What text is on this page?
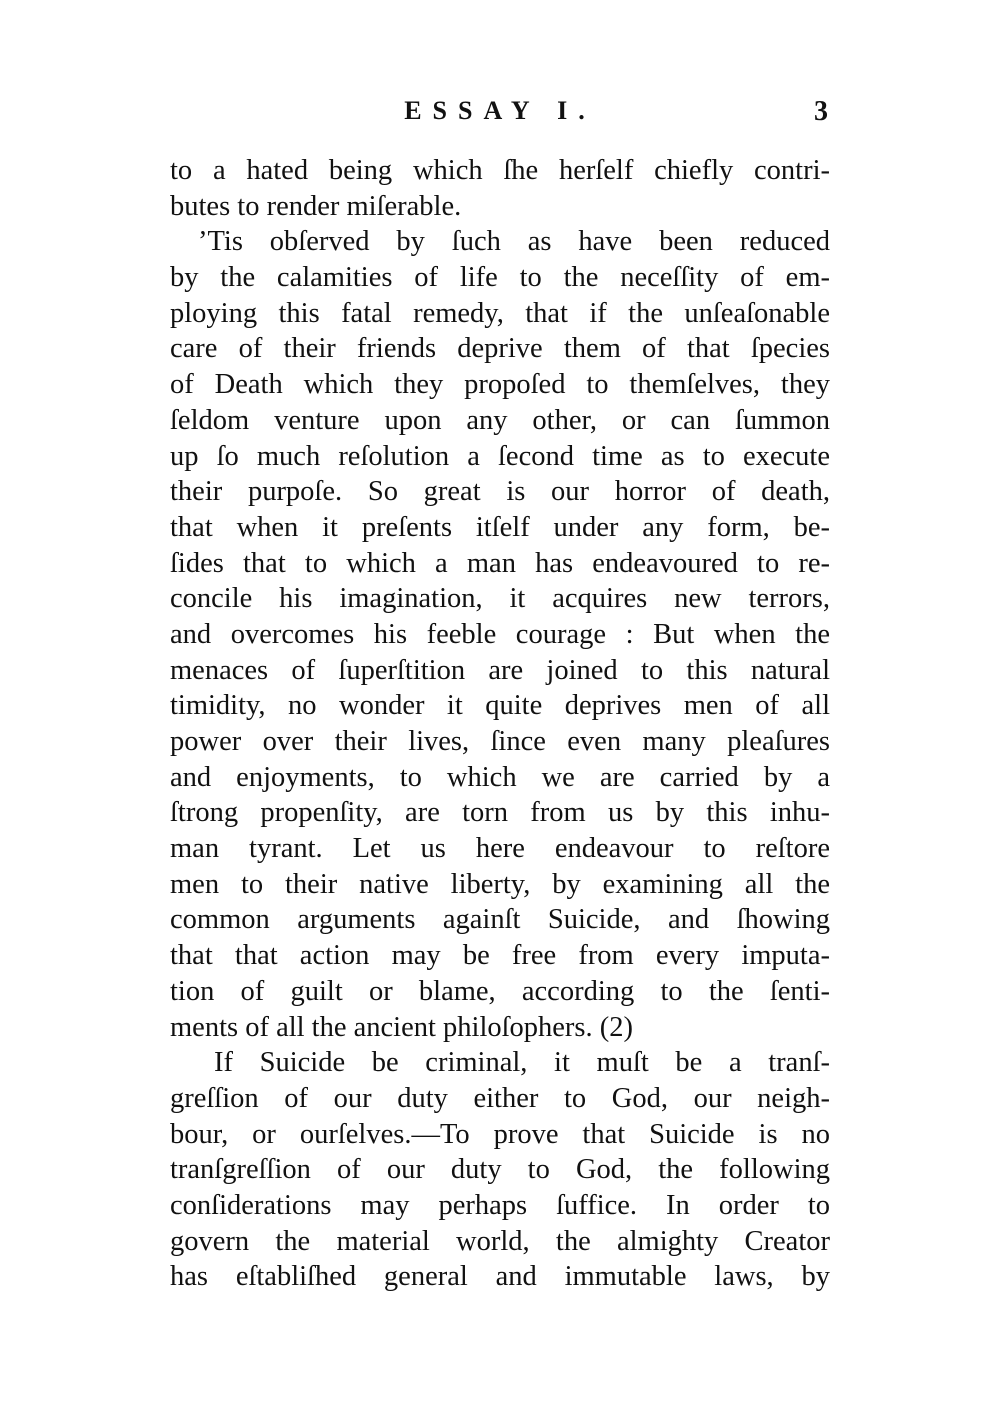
ESSAY I.	3
to a hated being which ſhe herſelf chiefly contri-
butes to render miſerable.
’Tis obſerved by ſuch as have been reduced
by the calamities of life to the neceſſity of em-
ploying this fatal remedy, that if the unſeaſonable
care of their friends deprive them of that ſpecies
of Death which they propoſed to themſelves, they
ſeldom venture upon any other, or can ſummon
up ſo much reſolution a ſecond time as to execute
their purpoſe. So great is our horror of death,
that when it preſents itſelf under any form, be-
ſides that to which a man has endeavoured to re-
concile his imagination, it acquires new terrors,
and overcomes his feeble courage : But when the
menaces of ſuperſtition are joined to this natural
timidity, no wonder it quite deprives men of all
power over their lives, ſince even many pleaſures
and enjoyments, to which we are carried by a
ſtrong propenſity, are torn from us by this inhu-
man tyrant. Let us here endeavour to reſtore
men to their native liberty, by examining all the
common arguments againſt Suicide, and ſhowing
that that action may be free from every imputa-
tion of guilt or blame, according to the ſenti-
ments of all the ancient philoſophers. (2)
If Suicide be criminal, it muſt be a tranſ-
greſſion of our duty either to God, our neigh-
bour, or ourſelves.—To prove that Suicide is no
tranſgreſſion of our duty to God, the following
conſiderations may perhaps ſuffice. In order to
govern the material world, the almighty Creator
has eſtabliſhed general and immutable laws, by
